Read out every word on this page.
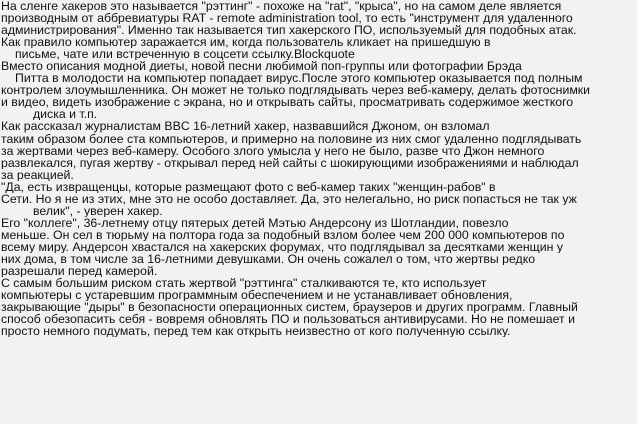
На сленге хакеров это называется "рэттинг" - похоже на "rat", "крыса", но на самом деле является
производным от аббревиатуры RAT - remote administration tool, то есть "инструмент для удаленного
администрирования". Именно так называется тип хакерского ПО, используемый для подобных атак.
Как правило компьютер заражается им, когда пользователь кликает на пришедшую в
письме, чате или встреченную в соцсети ссылку.Blockquote
Вместо описания модной диеты, новой песни любимой поп-группы или фотографии Брэда
Питта в молодости на компьютер попадает вирус.После этого компьютер оказывается под полным
контролем злоумышленника. Он может не только подглядывать через веб-камеру, делать фотоснимки
и видео, видеть изображение с экрана, но и открывать сайты, просматривать содержимое жесткого
диска и т.п.
Как рассказал журналистам BBC 16-летний хакер, назвавшийся Джоном, он взломал
таким образом более ста компьютеров, и примерно на половине из них смог удаленно подглядывать
за жертвами через веб-камеру. Особого злого умысла у него не было, разве что Джон немного
развлекался, пугая жертву - открывал перед ней сайты с шокирующими изображениями и наблюдал
за реакцией.
"Да, есть извращенцы, которые размещают фото с веб-камер таких "женщин-рабов" в
Сети. Но я не из этих, мне это не особо доставляет. Да, это нелегально, но риск попасться не так уж
велик", - уверен хакер.
Его "коллеге", 36-летнему отцу пятерых детей Мэтью Андерсону из Шотландии, повезло
меньше. Он сел в тюрьму на полтора года за подобный взлом более чем 200 000 компьютеров по
всему миру. Андерсон хвастался на хакерских форумах, что подглядывал за десятками женщин у
них дома, в том числе за 16-летними девушками. Он очень сожалел о том, что жертвы редко
разрешали перед камерой.
С самым большим риском стать жертвой "рэттинга" сталкиваются те, кто использует
компьютеры с устаревшим программным обеспечением и не устанавливает обновления,
закрывающие "дыры" в безопасности операционных систем, браузеров и других программ. Главный
способ обезопасить себя - вовремя обновлять ПО и пользоваться антивирусами. Но не помешает и
просто немного подумать, перед тем как открыть неизвестно от кого полученную ссылку.
